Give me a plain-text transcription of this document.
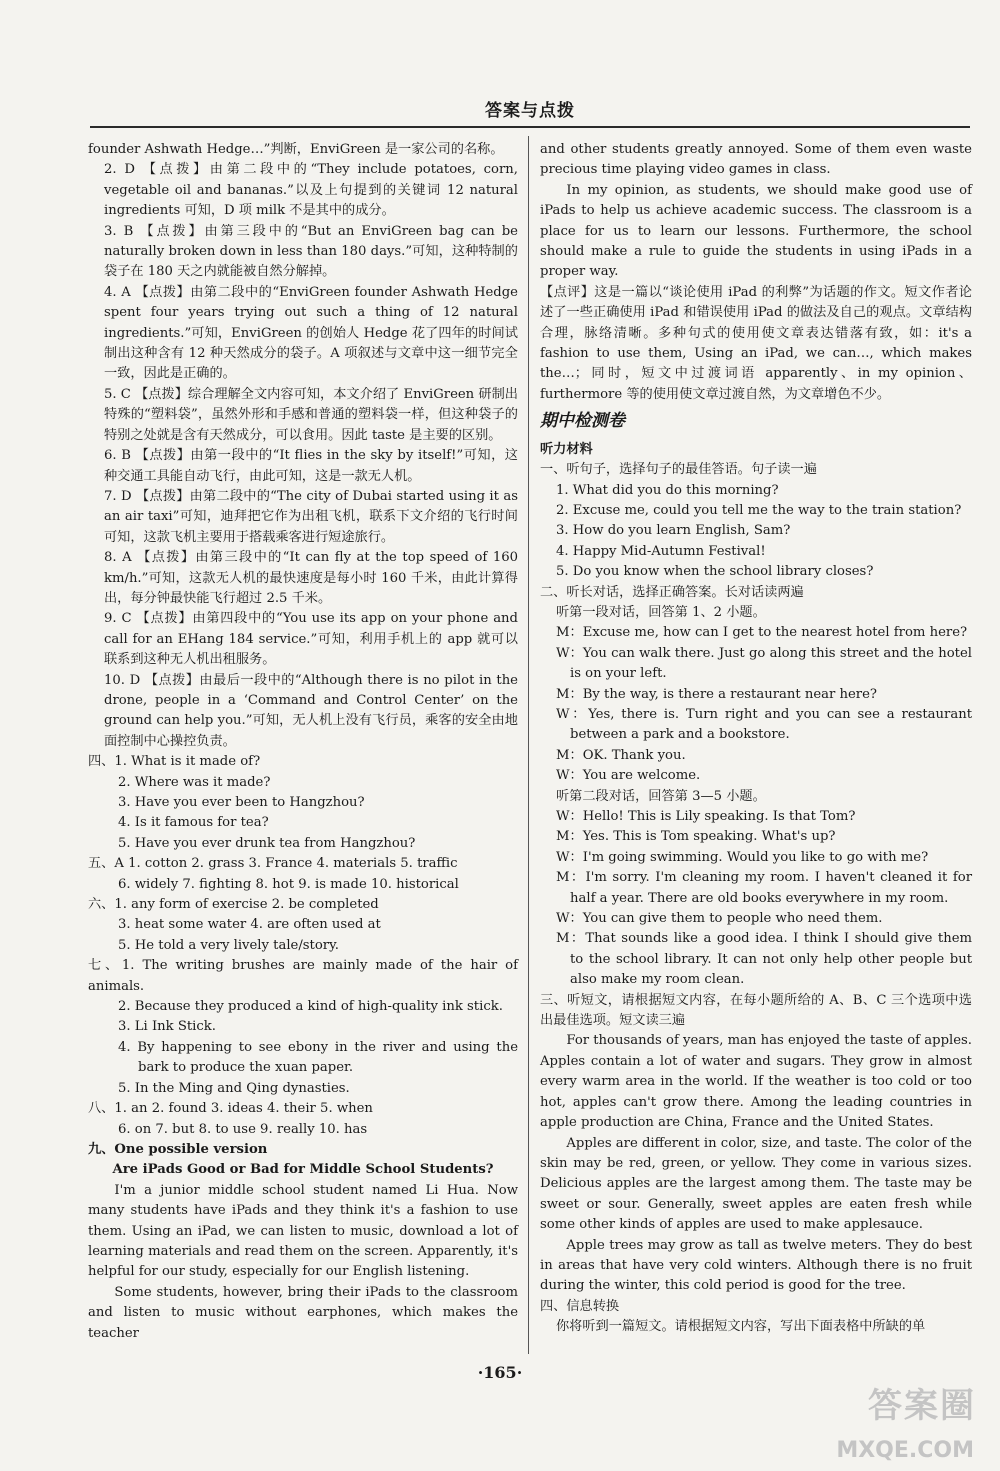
答案与点拨

founder Ashwath Hedge…”判断，EnviGreen 是一家公司的名称。

2. D 【点拨】由第二段中的“They include potatoes, corn, vegetable oil and bananas.”以及上句提到的关键词 12 natural ingredients 可知，D 项 milk 不是其中的成分。

3. B 【点拨】由第三段中的“But an EnviGreen bag can be naturally broken down in less than 180 days.”可知，这种特制的袋子在 180 天之内就能被自然分解掉。

4. A 【点拨】由第二段中的“EnviGreen founder Ashwath Hedge spent four years trying out such a thing of 12 natural ingredients.”可知，EnviGreen 的创始人 Hedge 花了四年的时间试制出这种含有 12 种天然成分的袋子。A 项叙述与文章中这一细节完全一致，因此是正确的。

5. C 【点拨】综合理解全文内容可知，本文介绍了 EnviGreen 研制出特殊的“塑料袋”，虽然外形和手感和普通的塑料袋一样，但这种袋子的特别之处就是含有天然成分，可以食用。因此 taste 是主要的区别。

6. B 【点拨】由第一段中的“It flies in the sky by itself!”可知，这种交通工具能自动飞行，由此可知，这是一款无人机。

7. D 【点拨】由第二段中的“The city of Dubai started using it as an air taxi”可知，迪拜把它作为出租飞机，联系下文介绍的飞行时间可知，这款飞机主要用于搭载乘客进行短途旅行。

8. A 【点拨】由第三段中的“It can fly at the top speed of 160 km/h.”可知，这款无人机的最快速度是每小时 160 千米，由此计算得出，每分钟最快能飞行超过 2.5 千米。

9. C 【点拨】由第四段中的“You use its app on your phone and call for an EHang 184 service.”可知，利用手机上的 app 就可以联系到这种无人机出租服务。

10. D 【点拨】由最后一段中的“Although there is no pilot in the drone, people in a ‘Command and Control Center’ on the ground can help you.”可知，无人机上没有飞行员，乘客的安全由地面控制中心操控负责。

四、1. What is it made of?

2. Where was it made?

3. Have you ever been to Hangzhou?

4. Is it famous for tea?

5. Have you ever drunk tea from Hangzhou?

五、A 1. cotton 2. grass 3. France 4. materials 5. traffic

6. widely 7. fighting 8. hot 9. is made 10. historical

六、1. any form of exercise 2. be completed

3. heat some water 4. are often used at

5. He told a very lively tale/story.

七、1. The writing brushes are mainly made of the hair of animals.

2. Because they produced a kind of high-quality ink stick.

3. Li Ink Stick.

4. By happening to see ebony in the river and using the bark to produce the xuan paper.

5. In the Ming and Qing dynasties.

八、1. an 2. found 3. ideas 4. their 5. when

6. on 7. but 8. to use 9. really 10. has

九、One possible version

Are iPads Good or Bad for Middle School Students?

I'm a junior middle school student named Li Hua. Now many students have iPads and they think it's a fashion to use them. Using an iPad, we can listen to music, download a lot of learning materials and read them on the screen. Apparently, it's helpful for our study, especially for our English listening.

Some students, however, bring their iPads to the classroom and listen to music without earphones, which makes the teacher

and other students greatly annoyed. Some of them even waste precious time playing video games in class.

In my opinion, as students, we should make good use of iPads to help us achieve academic success. The classroom is a place for us to learn our lessons. Furthermore, the school should make a rule to guide the students in using iPads in a proper way.

【点评】这是一篇以“谈论使用 iPad 的利弊”为话题的作文。短文作者论述了一些正确使用 iPad 和错误使用 iPad 的做法及自己的观点。文章结构合理，脉络清晰。多种句式的使用使文章表达错落有致，如：it's a fashion to use them, Using an iPad, we can…, which makes the…；同时，短文中过渡词语 apparently、in my opinion、furthermore 等的使用使文章过渡自然，为文章增色不少。

期中检测卷

听力材料

一、听句子，选择句子的最佳答语。句子读一遍

1. What did you do this morning?

2. Excuse me, could you tell me the way to the train station?

3. How do you learn English, Sam?

4. Happy Mid-Autumn Festival!

5. Do you know when the school library closes?

二、听长对话，选择正确答案。长对话读两遍

听第一段对话，回答第 1、2 小题。

M：Excuse me, how can I get to the nearest hotel from here?

W：You can walk there. Just go along this street and the hotel is on your left.

M：By the way, is there a restaurant near here?

W：Yes, there is. Turn right and you can see a restaurant between a park and a bookstore.

M：OK. Thank you.

W：You are welcome.

听第二段对话，回答第 3—5 小题。

W：Hello! This is Lily speaking. Is that Tom?

M：Yes. This is Tom speaking. What's up?

W：I'm going swimming. Would you like to go with me?

M：I'm sorry. I'm cleaning my room. I haven't cleaned it for half a year. There are old books everywhere in my room.

W：You can give them to people who need them.

M：That sounds like a good idea. I think I should give them to the school library. It can not only help other people but also make my room clean.

三、听短文，请根据短文内容，在每小题所给的 A、B、C 三个选项中选出最佳选项。短文读三遍

For thousands of years, man has enjoyed the taste of apples. Apples contain a lot of water and sugars. They grow in almost every warm area in the world. If the weather is too cold or too hot, apples can't grow there. Among the leading countries in apple production are China, France and the United States.

Apples are different in color, size, and taste. The color of the skin may be red, green, or yellow. They come in various sizes. Delicious apples are the largest among them. The taste may be sweet or sour. Generally, sweet apples are eaten fresh while some other kinds of apples are used to make applesauce.

Apple trees may grow as tall as twelve meters. They do best in areas that have very cold winters. Although there is no fruit during the winter, this cold period is good for the tree.

四、信息转换

你将听到一篇短文。请根据短文内容，写出下面表格中所缺的单

·165·
答案圈
MXQE.COM
